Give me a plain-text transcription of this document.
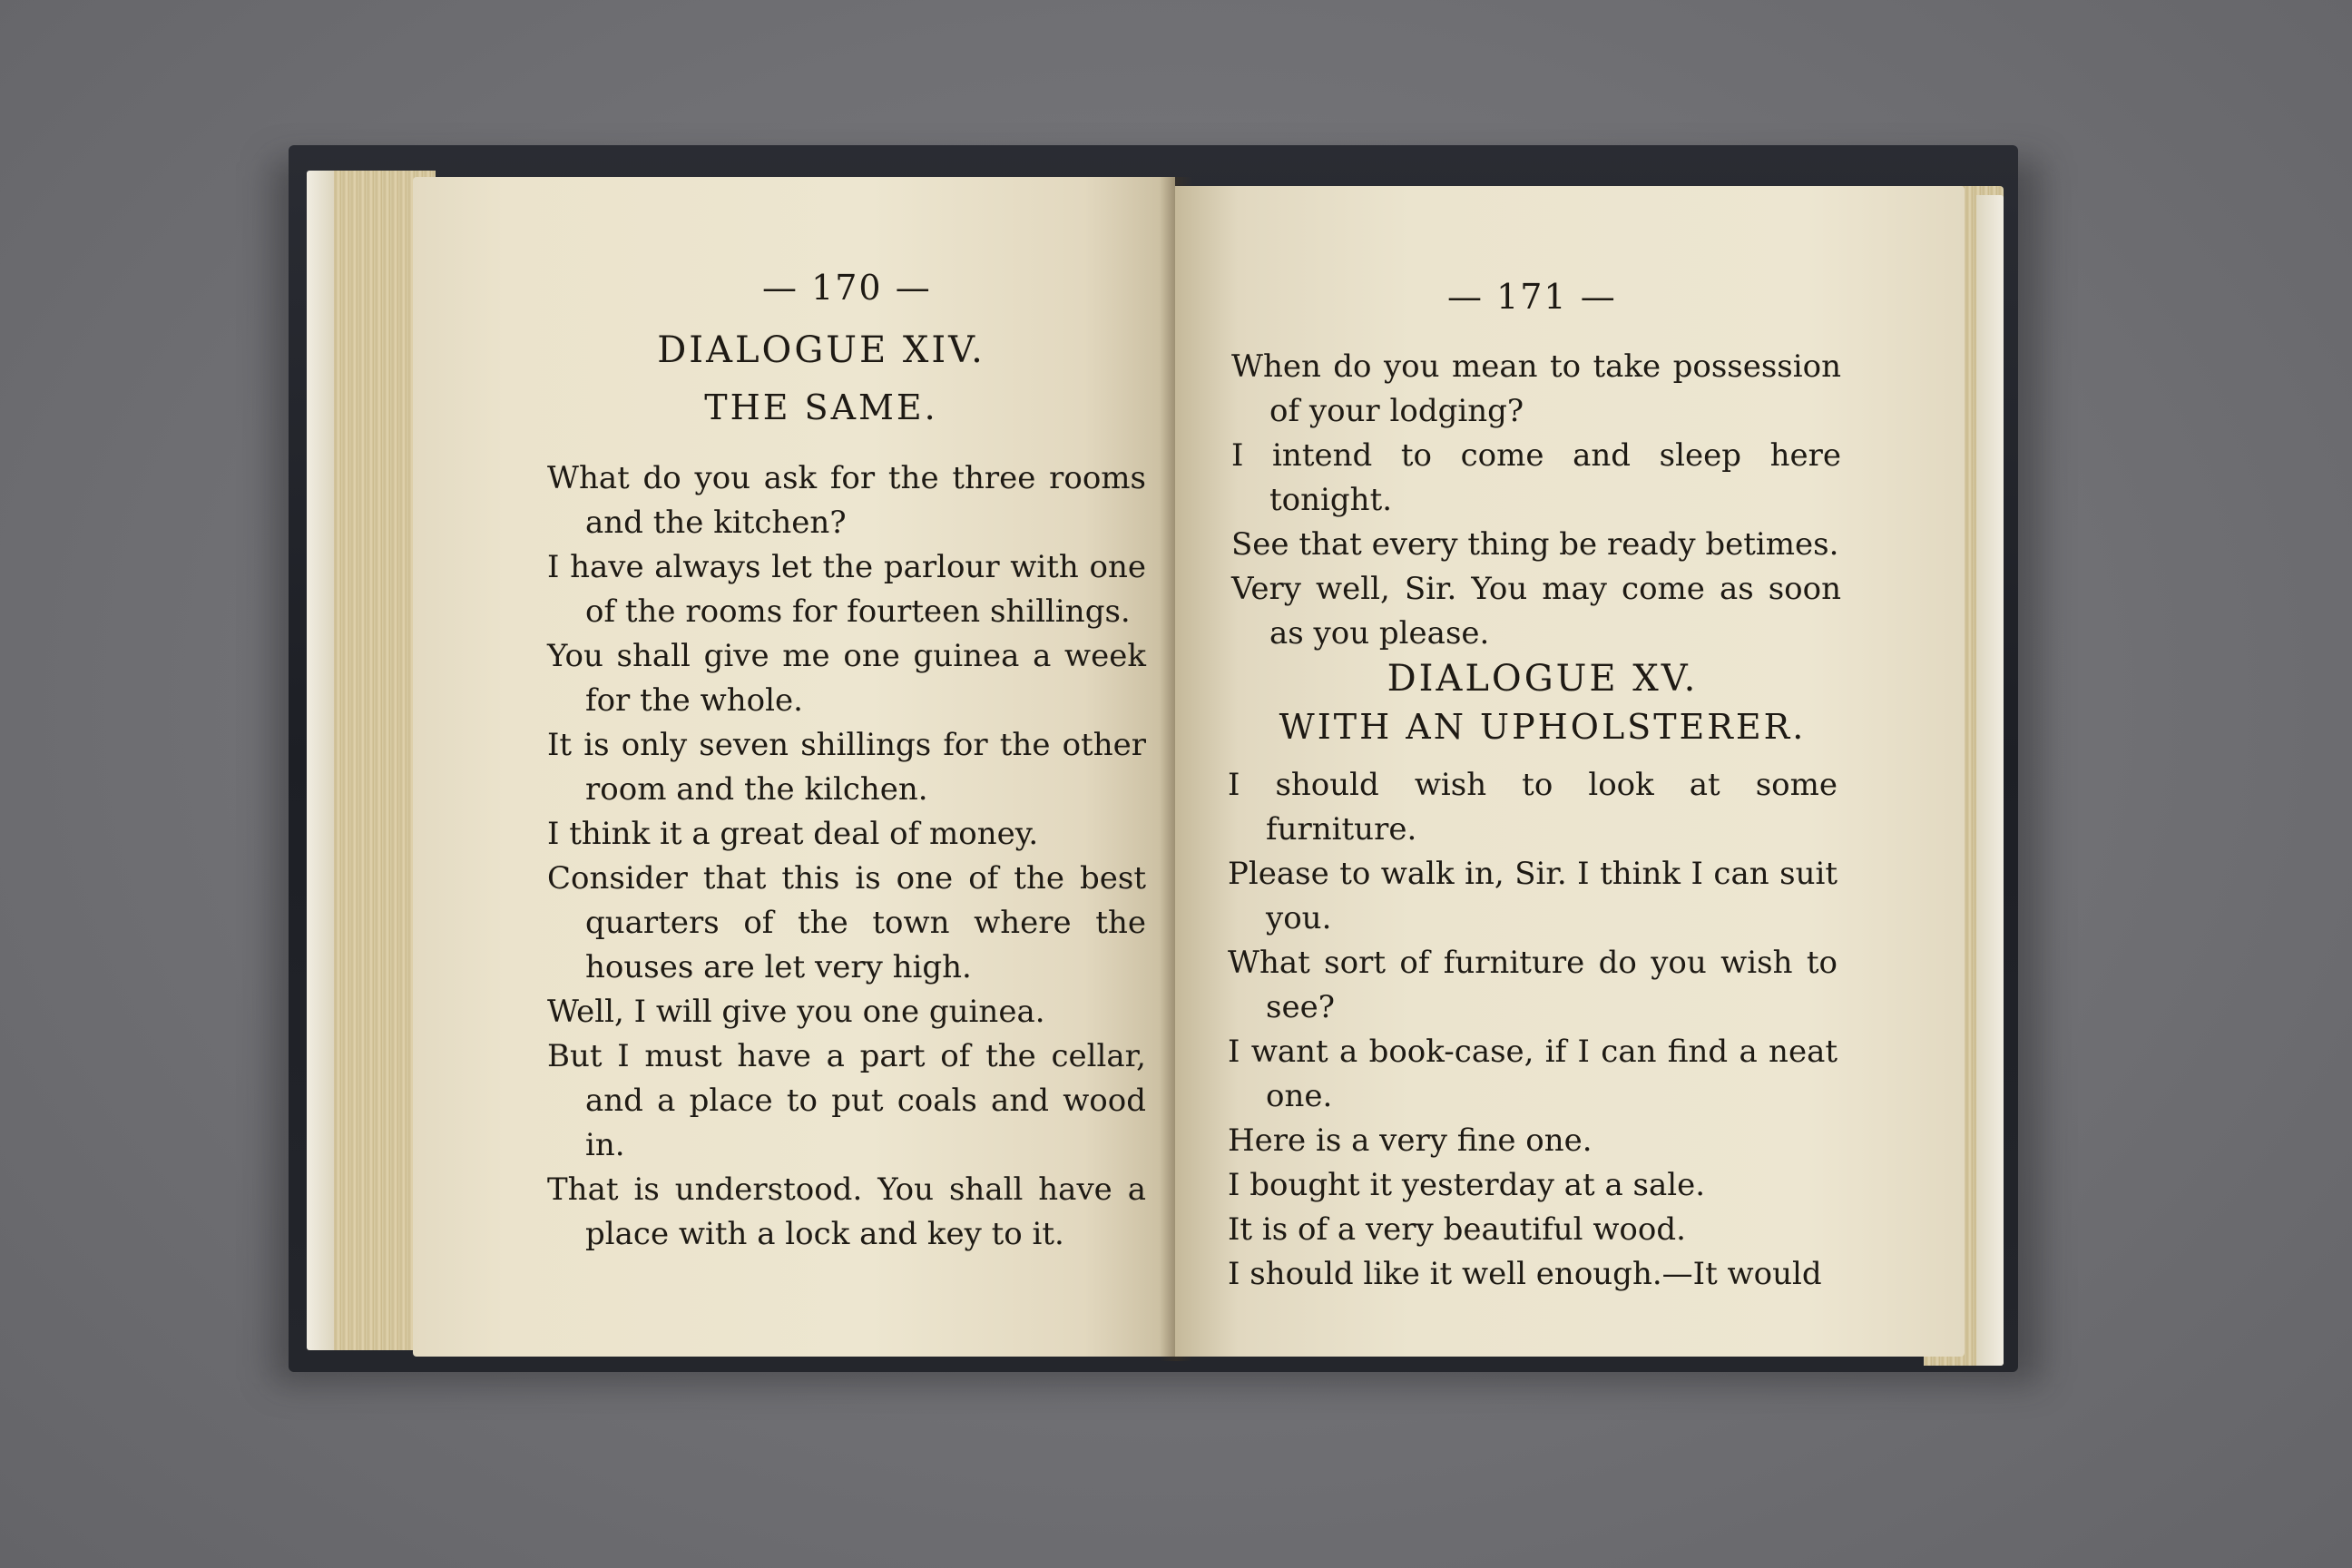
— 170 —

DIALOGUE XIV.

THE SAME.

What do you ask for the three rooms and the kitchen?

I have always let the parlour with one of the rooms for fourteen shillings.

You shall give me one guinea a week for the whole.

It is only seven shillings for the other room and the kilchen.

I think it a great deal of money.

Consider that this is one of the best quarters of the town where the houses are let very high.

Well, I will give you one guinea.

But I must have a part of the cellar, and a place to put coals and wood in.

That is understood. You shall have a place with a lock and key to it.

— 171 —

When do you mean to take possession of your lodging?

I intend to come and sleep here tonight.

See that every thing be ready betimes.

Very well, Sir. You may come as soon as you please.

DIALOGUE XV.

WITH AN UPHOLSTERER.

I should wish to look at some furniture.

Please to walk in, Sir. I think I can suit you.

What sort of furniture do you wish to see?

I want a book-case, if I can find a neat one.

Here is a very fine one.

I bought it yesterday at a sale.

It is of a very beautiful wood.

I should like it well enough.—It would
